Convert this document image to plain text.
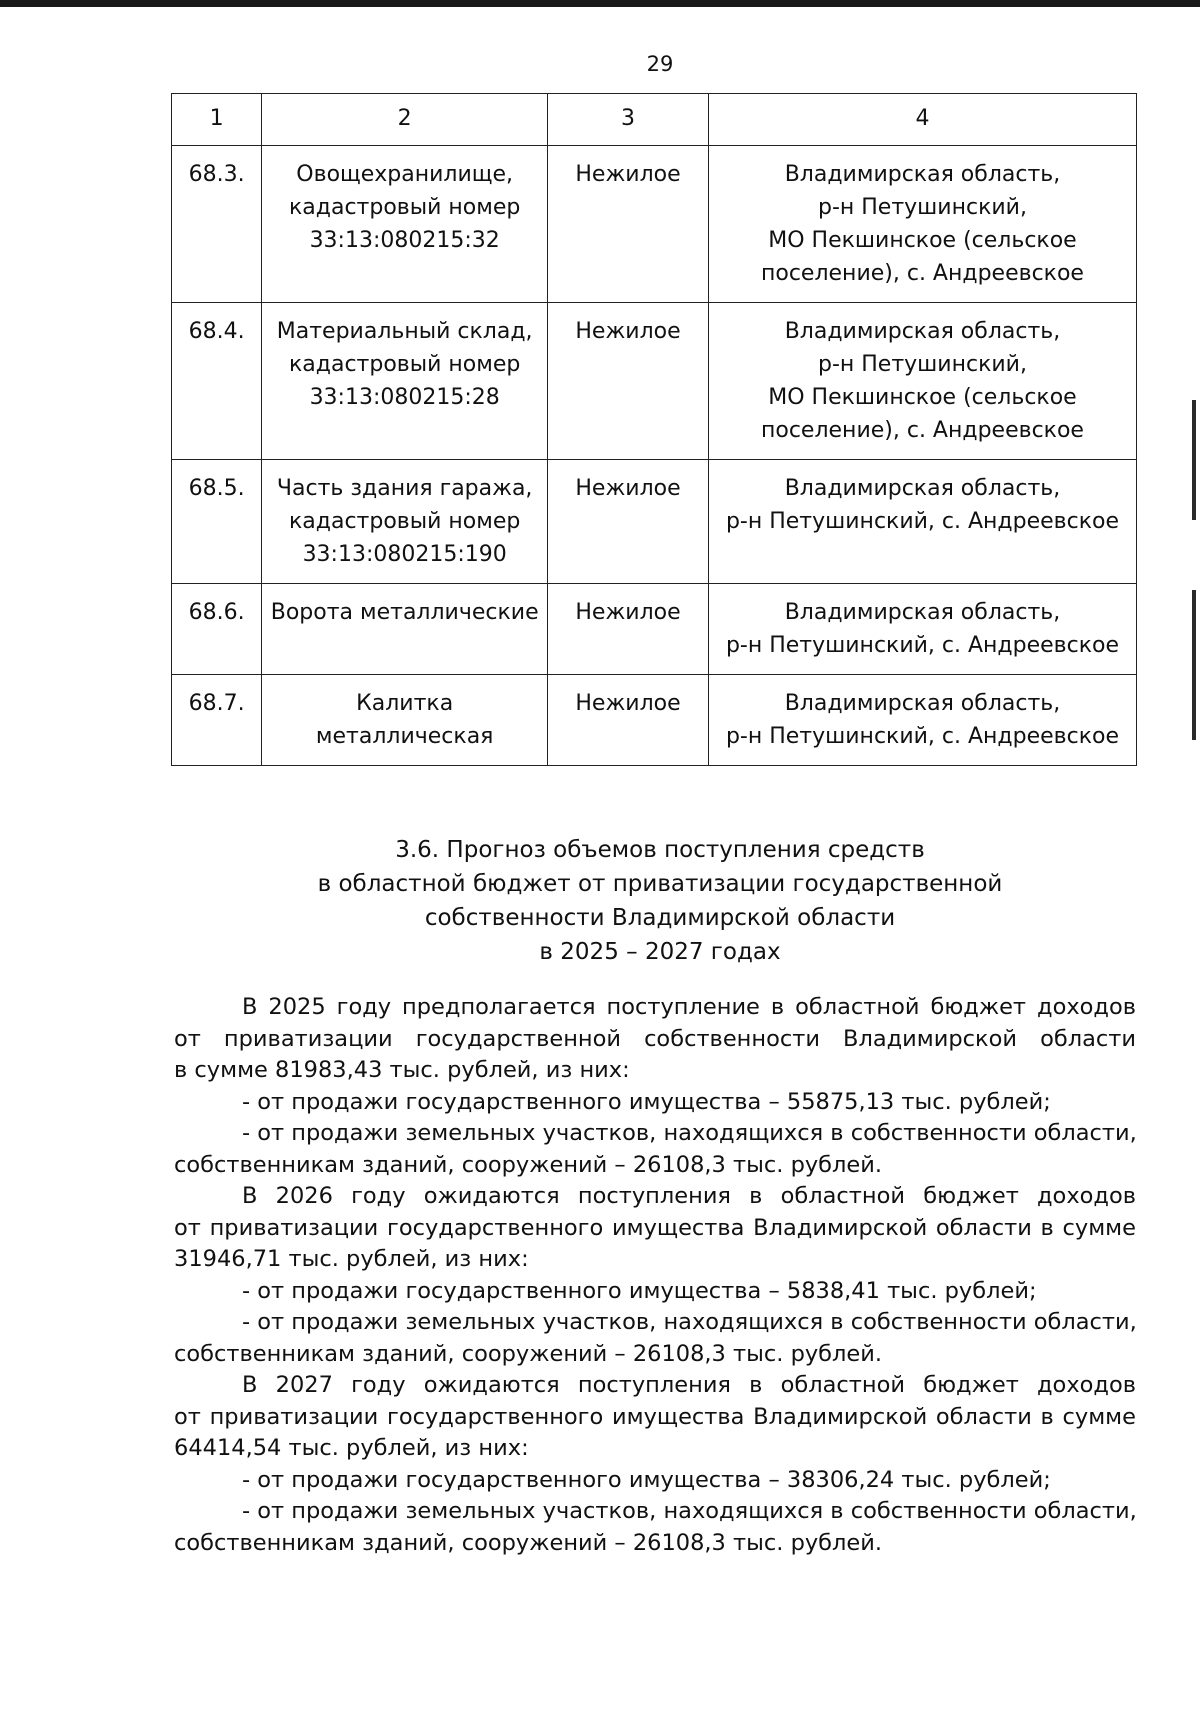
29
1	2	3	4
68.3.	Овощехранилище,
кадастровый номер
33:13:080215:32	Нежилое	Владимирская область,
р-н Петушинский,
МО Пекшинское (сельское
поселение), с. Андреевское

68.4.	Материальный склад,
кадастровый номер
33:13:080215:28	Нежилое	Владимирская область,
р-н Петушинский,
МО Пекшинское (сельское
поселение), с. Андреевское

68.5.	Часть здания гаража,
кадастровый номер
33:13:080215:190	Нежилое	Владимирская область,
р-н Петушинский, с. Андреевское

68.6.	Ворота металлические	Нежилое	Владимирская область,
р-н Петушинский, с. Андреевское

68.7.	Калитка
металлическая	Нежилое	Владимирская область,
р-н Петушинский, с. Андреевское
3.6. Прогноз объемов поступления средств
в областной бюджет от приватизации государственной
собственности Владимирской области
в 2025 – 2027 годах
В 2025 году предполагается поступление в областной бюджет доходов
от приватизации государственной собственности Владимирской области
в сумме 81983,43 тыс. рублей, из них:
- от продажи государственного имущества – 55875,13 тыс. рублей;
- от продажи земельных участков, находящихся в собственности области,
собственникам зданий, сооружений – 26108,3 тыс. рублей.
В 2026 году ожидаются поступления в областной бюджет доходов
от приватизации государственного имущества Владимирской области в сумме
31946,71 тыс. рублей, из них:
- от продажи государственного имущества – 5838,41 тыс. рублей;
- от продажи земельных участков, находящихся в собственности области,
собственникам зданий, сооружений – 26108,3 тыс. рублей.
В 2027 году ожидаются поступления в областной бюджет доходов
от приватизации государственного имущества Владимирской области в сумме
64414,54 тыс. рублей, из них:
- от продажи государственного имущества – 38306,24 тыс. рублей;
- от продажи земельных участков, находящихся в собственности области,
собственникам зданий, сооружений – 26108,3 тыс. рублей.
